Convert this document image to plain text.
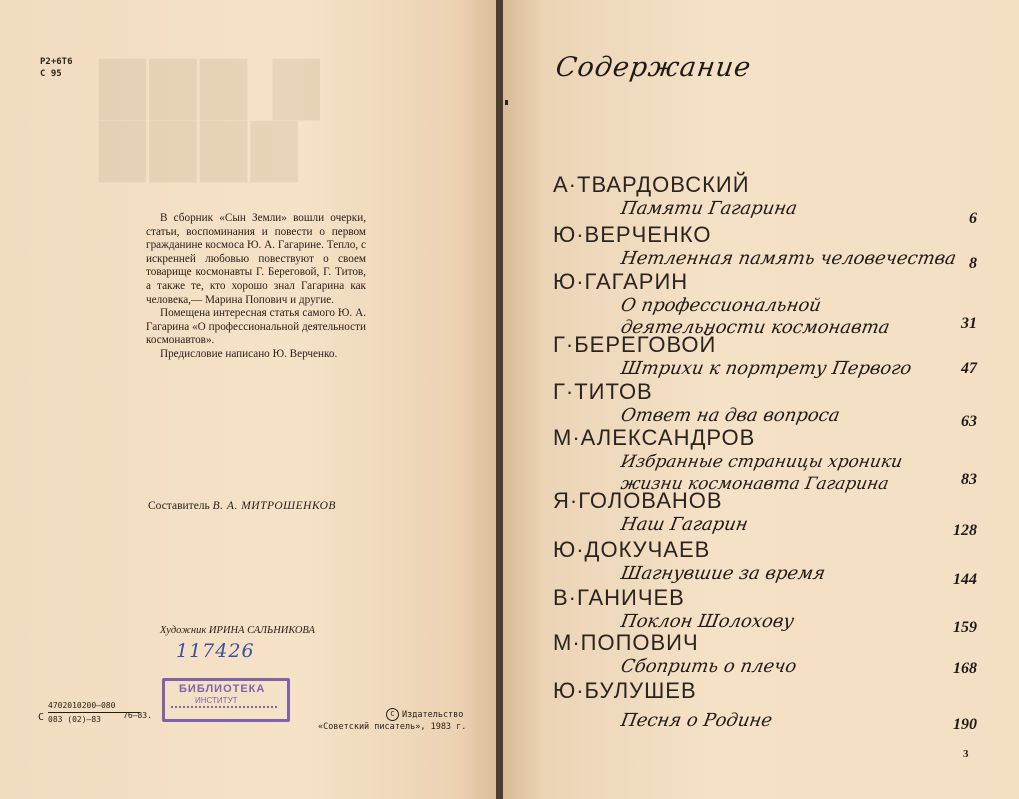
Р2+6Т6
С 95 ▇▇▇ ▇
▇▇▇▇

В сборник «Сын Земли» вошли очерки, статьи, воспоминания и повести о первом гражданине космоса Ю. А. Гагарине. Тепло, с искренней любовью повествуют о своем товарище космонавты Г. Береговой, Г. Титов, а также те, кто хорошо знал Гагарина как человека,— Марина Попович и другие.

Помещена интересная статья самого Ю. А. Гагарина «О профессиональной деятельности космонавтов».

Предисловие написано Ю. Верченко.

Составитель В. А. МИТРОШЕНКОВ
Художник ИРИНА САЛЬНИКОВА
117426
БИБЛИОТЕКА
ИНСТИТУТ
С
4702010200—080
083 (02)—83	76—83.	C Издательство
«Советский писатель», 1983 г.
Содержание
А·ТВАРДОВСКИЙ
Памяти Гагарина	6
Ю·ВЕРЧЕНКО
Нетленная память человечества 8
Ю·ГАГАРИН
О профессиональной
деятельности космонавта	31
Г·БЕРЕГОВОЙ
Штрихи к портрету Первого	47
Г·ТИТОВ
Ответ на два вопроса	63
М·АЛЕКСАНДРОВ
Избранные страницы хроники
жизни космонавта Гагарина	83
Я·ГОЛОВАНОВ
Наш Гагарин	128
Ю·ДОКУЧАЕВ
Шагнувшие за время	144
В·ГАНИЧЕВ
Поклон Шолохову	159
М·ПОПОВИЧ
Сбоприть о плечо	168
Ю·БУЛУШЕВ
Песня о Родине	190
3
